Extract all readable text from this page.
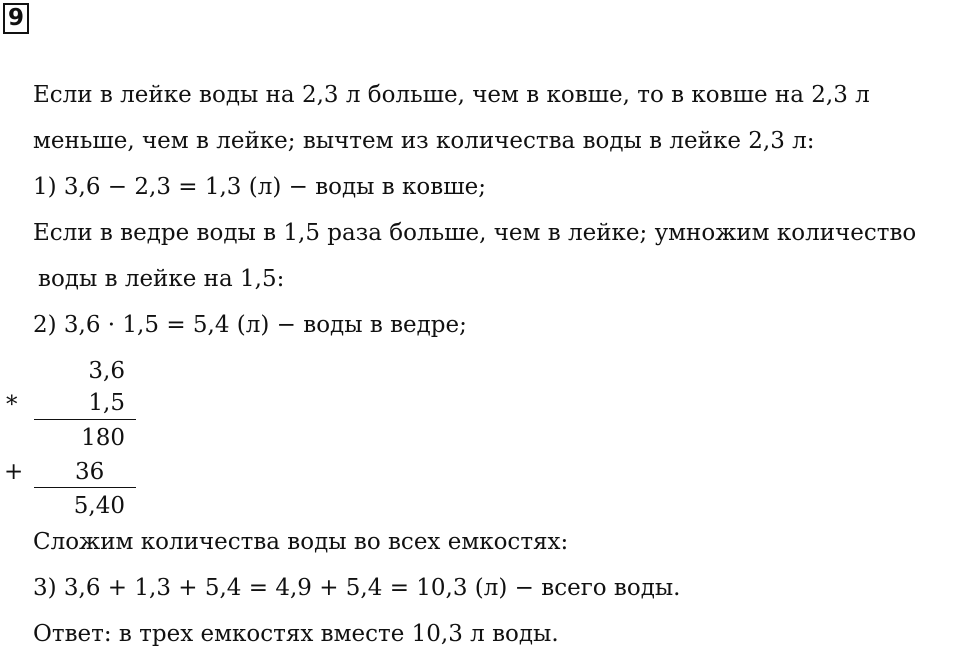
9
Если в лейке воды на 2,3 л больше, чем в ковше, то в ковше на 2,3 л
меньше, чем в лейке; вычтем из количества воды в лейке 2,3 л:
1) 3,6 − 2,3 = 1,3 (л) − воды в ковше;
Если в ведре воды в 1,5 раза больше, чем в лейке; умножим количество
воды в лейке на 1,5:
2) 3,6 · 1,5 = 5,4 (л) − воды в ведре;
3,6
*	1,5
180
+ 36
5,40
Сложим количества воды во всех емкостях:
3) 3,6 + 1,3 + 5,4 = 4,9 + 5,4 = 10,3 (л) − всего воды.
Ответ: в трех емкостях вместе 10,3 л воды.
